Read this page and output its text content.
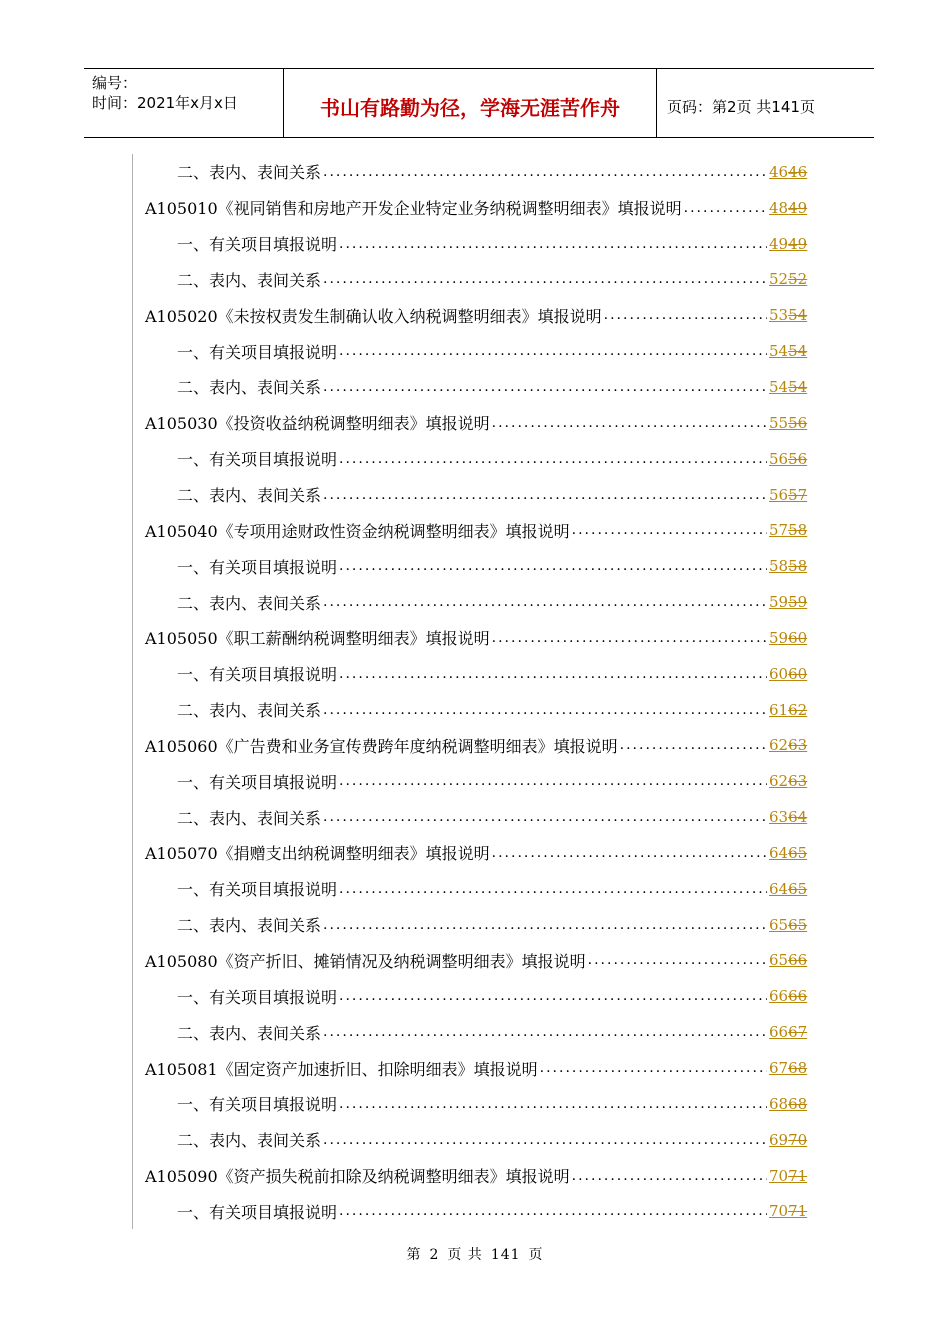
编号：
时间：2021年x月x日	书山有路勤为径，学海无涯苦作舟	页码：第2页 共141页
二、表内、表间关系 .....	4646
A105010《视同销售和房地产开发企业特定业务纳税调整明细表》填报说明 .....	4849
一、有关项目填报说明 .....	4949
二、表内、表间关系 .....	5252
A105020《未按权责发生制确认收入纳税调整明细表》填报说明 .....	5354
一、有关项目填报说明 .....	5454
二、表内、表间关系 .....	5454
A105030《投资收益纳税调整明细表》填报说明 .....	5556
一、有关项目填报说明 .....	5656
二、表内、表间关系 .....	5657
A105040《专项用途财政性资金纳税调整明细表》填报说明 .....	5758
一、有关项目填报说明 .....	5858
二、表内、表间关系 .....	5959
A105050《职工薪酬纳税调整明细表》填报说明 .....	5960
一、有关项目填报说明 .....	6060
二、表内、表间关系 .....	6162
A105060《广告费和业务宣传费跨年度纳税调整明细表》填报说明 .....	6263
一、有关项目填报说明 .....	6263
二、表内、表间关系 .....	6364
A105070《捐赠支出纳税调整明细表》填报说明 .....	6465
一、有关项目填报说明 .....	6465
二、表内、表间关系 .....	6565
A105080《资产折旧、摊销情况及纳税调整明细表》填报说明 .....	6566
一、有关项目填报说明 .....	6666
二、表内、表间关系 .....	6667
A105081《固定资产加速折旧、扣除明细表》填报说明 .....	6768
一、有关项目填报说明 .....	6868
二、表内、表间关系 .....	6970
A105090《资产损失税前扣除及纳税调整明细表》填报说明 .....	7071
一、有关项目填报说明 .....	7071
第 2 页 共 141 页
